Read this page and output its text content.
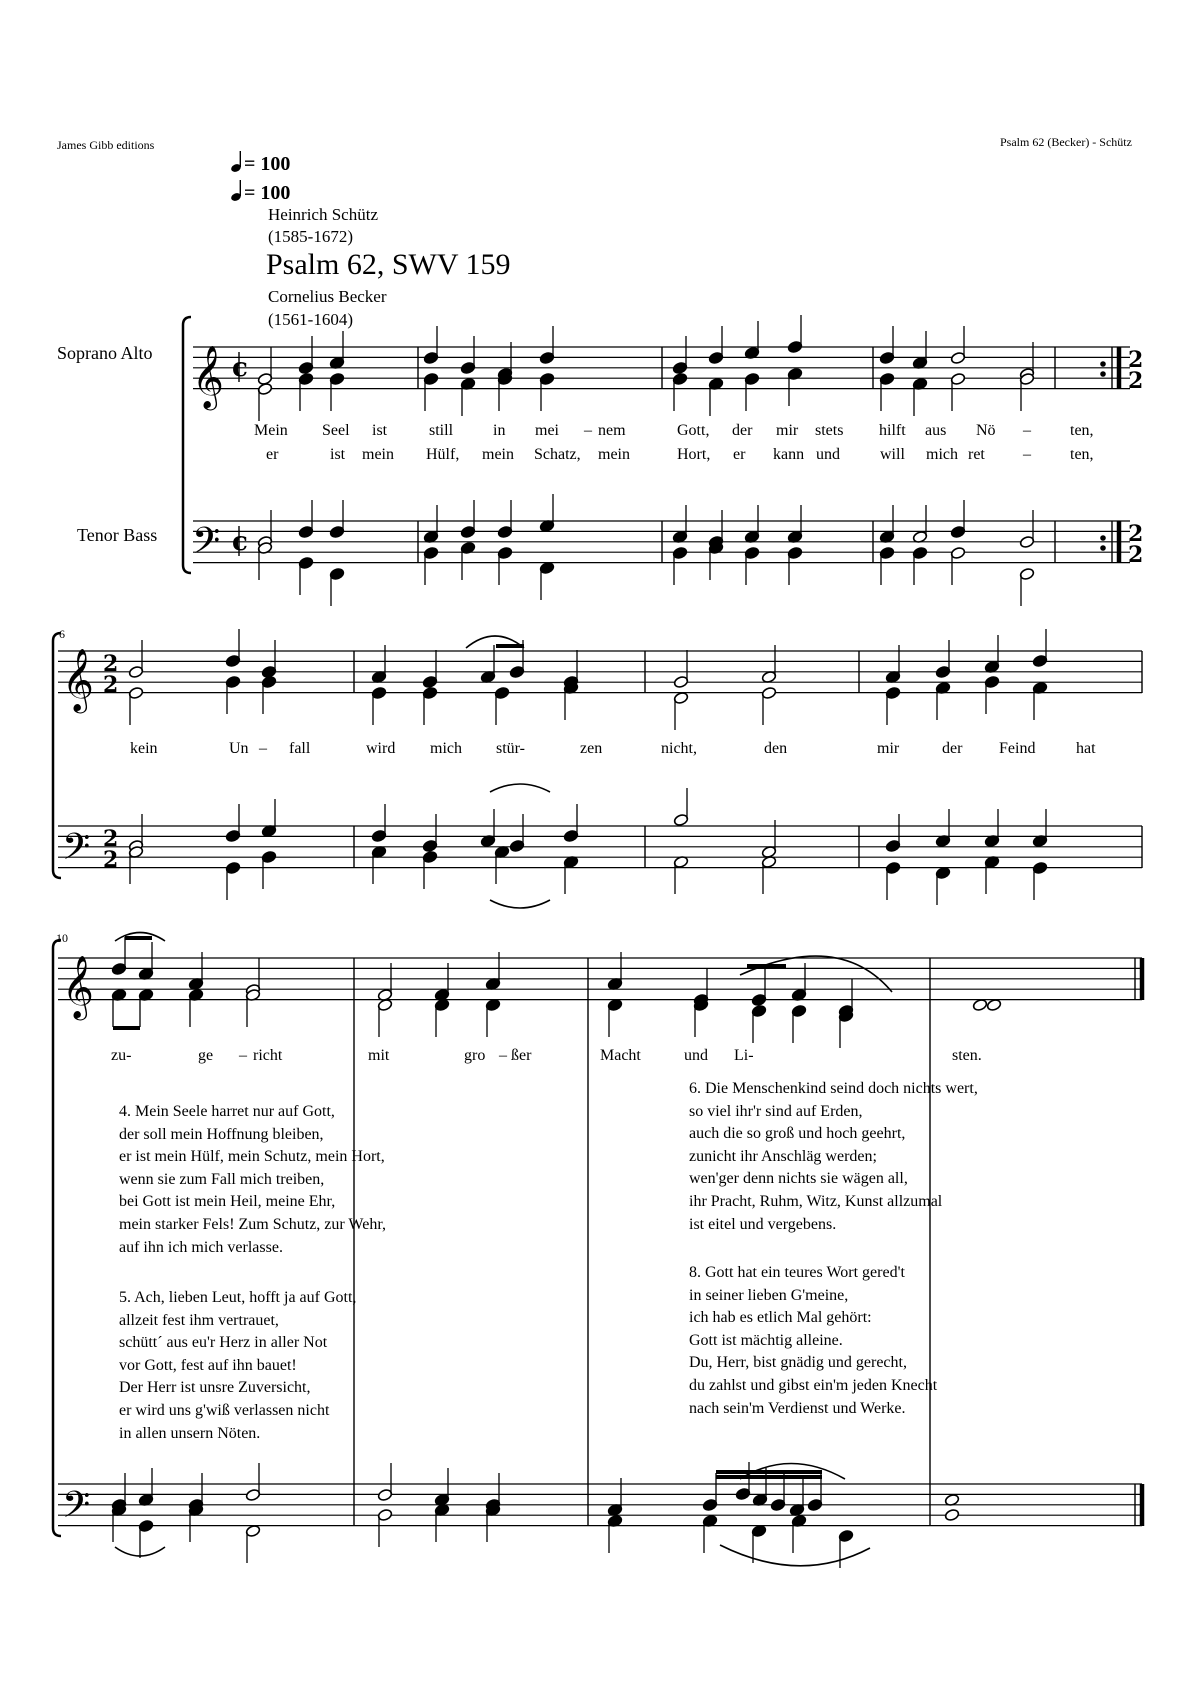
James Gibb editions	Psalm 62 (Becker) - Schütz
= 100
= 100
Heinrich Schütz
(1585-1672)
Psalm 62, SWV 159
Cornelius Becker
(1561-1604)
Soprano Alto
Tenor Bass
6
10
𝄞
𝄢
𝄞
𝄢
𝄞
𝄢
c
c
2
2
2
2
2
2
2
2
Mein Seel ist	still in mei – nem	Gott, der mir stets hilft aus Nö – ten,
er	ist mein Hülf, mein Schatz, mein	Hort, er kann und	will mich ret – ten,
kein	Un – fall	wird mich stür-	zen	nicht,	den	mir	der Feind	hat
zu-	ge – richt	mit	gro – ßer	Macht	und Li-	sten.
4. Mein Seele harret nur auf Gott,
der soll mein Hoffnung bleiben,
er ist mein Hülf, mein Schutz, mein Hort,
wenn sie zum Fall mich treiben,
bei Gott ist mein Heil, meine Ehr,
mein starker Fels! Zum Schutz, zur Wehr,
auf ihn ich mich verlasse.
5. Ach, lieben Leut, hofft ja auf Gott,
allzeit fest ihm vertrauet,
schütt´ aus eu'r Herz in aller Not
vor Gott, fest auf ihn bauet!
Der Herr ist unsre Zuversicht,
er wird uns g'wiß verlassen nicht
in allen unsern Nöten.
6. Die Menschenkind seind doch nichts wert,
so viel ihr'r sind auf Erden,
auch die so groß und hoch geehrt,
zunicht ihr Anschläg werden;
wen'ger denn nichts sie wägen all,
ihr Pracht, Ruhm, Witz, Kunst allzumal
ist eitel und vergebens.
8. Gott hat ein teures Wort gered't
in seiner lieben G'meine,
ich hab es etlich Mal gehört:
Gott ist mächtig alleine.
Du, Herr, bist gnädig und gerecht,
du zahlst und gibst ein'm jeden Knecht
nach sein'm Verdienst und Werke.
